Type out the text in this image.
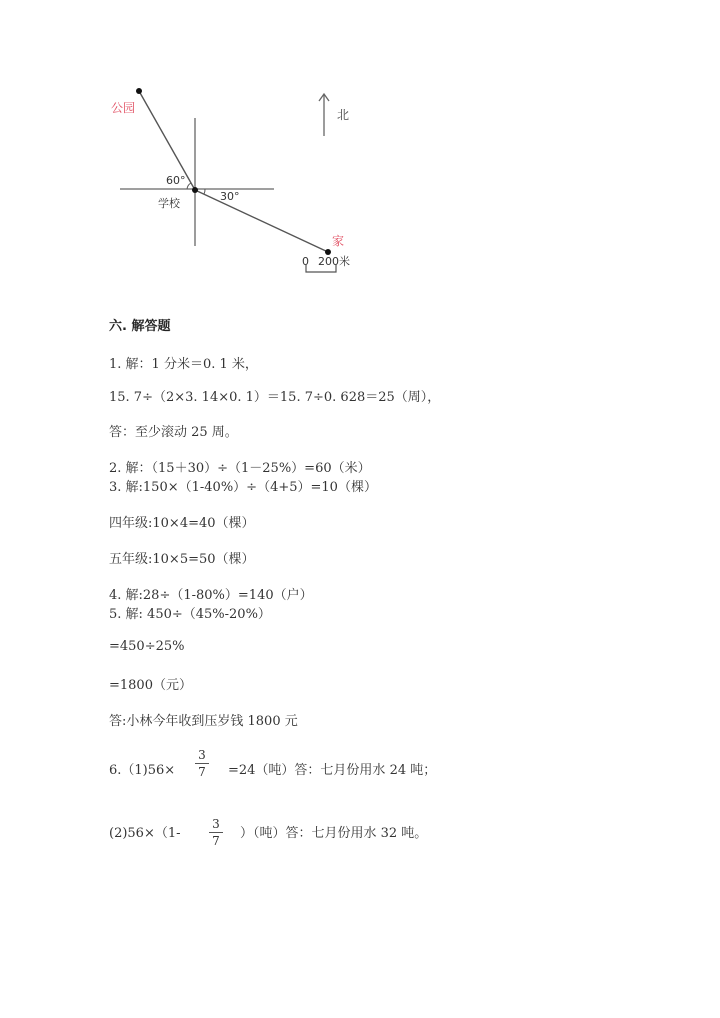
公园
学校
家
北
60°
30°
0 200米
六. 解答题
1. 解：1 分米＝0. 1 米，
15. 7÷（2×3. 14×0. 1）＝15. 7÷0. 628＝25（周），
答：至少滚动 25 周。
2. 解：（15＋30）÷（1－25%）=60（米）
3. 解:150×（1-40%）÷（4+5）=10（棵）
四年级:10×4=40（棵）
五年级:10×5=50（棵）
4. 解:28÷（1-80%）=140（户）
5. 解: 450÷（45%-20%）
=450÷25%
=1800（元）
答:小林今年收到压岁钱 1800 元
6.（1)56×
3
7 =24（吨）答：七月份用水 24 吨；
(2)56×（1-
3
7 ）（吨）答：七月份用水 32 吨。
